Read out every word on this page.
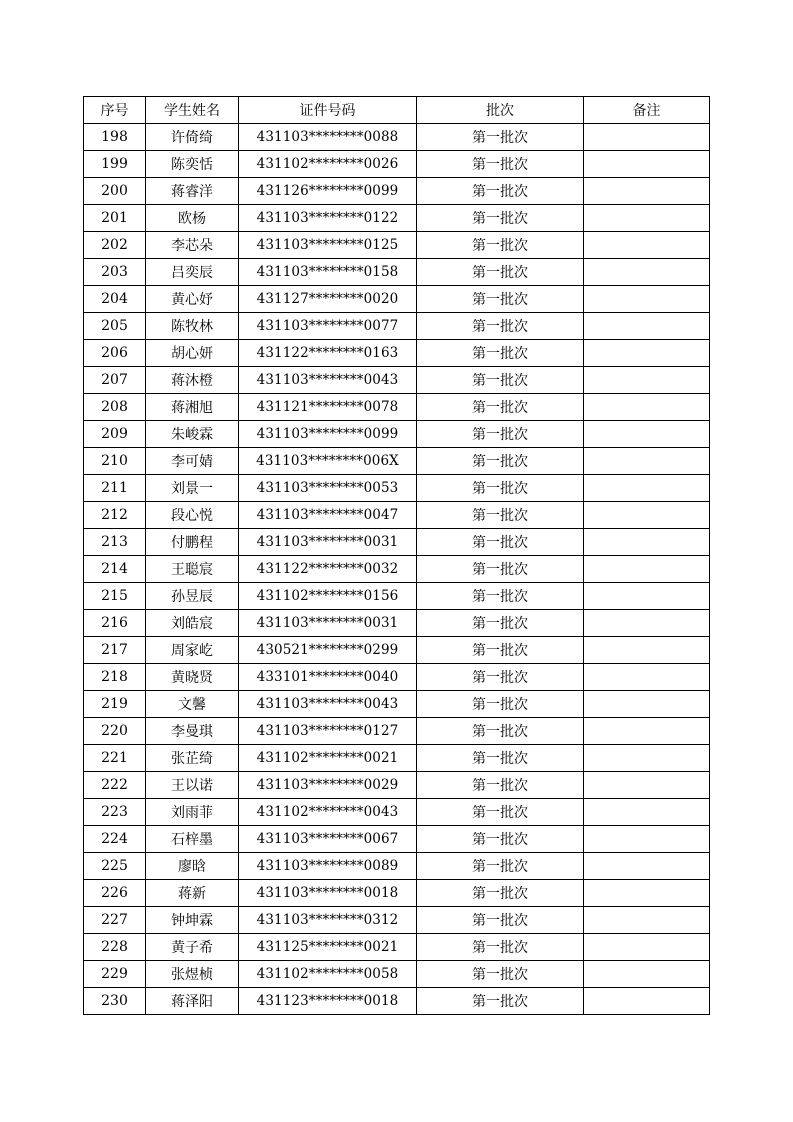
序号	学生姓名	证件号码	批次	备注
198	许倚绮	431103********0088	第一批次	
199	陈奕恬	431102********0026	第一批次	
200	蒋睿洋	431126********0099	第一批次	
201	欧杨	431103********0122	第一批次	
202	李芯朵	431103********0125	第一批次	
203	吕奕辰	431103********0158	第一批次	
204	黄心妤	431127********0020	第一批次	
205	陈牧林	431103********0077	第一批次	
206	胡心妍	431122********0163	第一批次	
207	蒋沐橙	431103********0043	第一批次	
208	蒋湘旭	431121********0078	第一批次	
209	朱峻霖	431103********0099	第一批次	
210	李可婧	431103********006X	第一批次	
211	刘景一	431103********0053	第一批次	
212	段心悦	431103********0047	第一批次	
213	付鹏程	431103********0031	第一批次	
214	王聪宸	431122********0032	第一批次	
215	孙昱辰	431102********0156	第一批次	
216	刘皓宸	431103********0031	第一批次	
217	周家屹	430521********0299	第一批次	
218	黄晓贤	433101********0040	第一批次	
219	文馨	431103********0043	第一批次	
220	李曼琪	431103********0127	第一批次	
221	张芷绮	431102********0021	第一批次	
222	王以诺	431103********0029	第一批次	
223	刘雨菲	431102********0043	第一批次	
224	石梓墨	431103********0067	第一批次	
225	廖晗	431103********0089	第一批次	
226	蒋新	431103********0018	第一批次	
227	钟坤霖	431103********0312	第一批次	
228	黄子希	431125********0021	第一批次	
229	张煜桢	431102********0058	第一批次	
230	蒋泽阳	431123********0018	第一批次	
